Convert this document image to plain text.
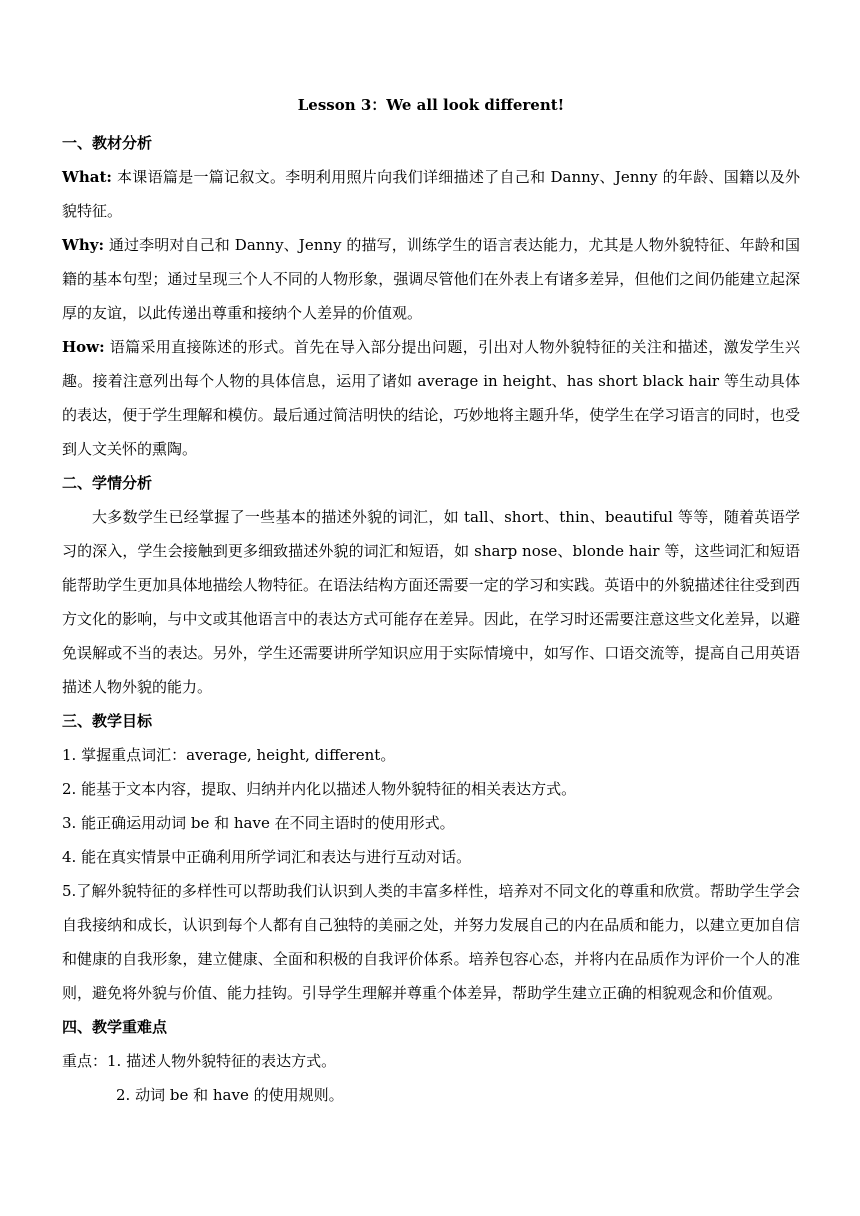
Lesson 3：We all look different!
一、教材分析

What: 本课语篇是一篇记叙文。李明利用照片向我们详细描述了自己和 Danny、Jenny 的年龄、国籍以及外貌特征。

Why: 通过李明对自己和 Danny、Jenny 的描写，训练学生的语言表达能力，尤其是人物外貌特征、年龄和国籍的基本句型；通过呈现三个人不同的人物形象，强调尽管他们在外表上有诸多差异，但他们之间仍能建立起深厚的友谊，以此传递出尊重和接纳个人差异的价值观。

How: 语篇采用直接陈述的形式。首先在导入部分提出问题，引出对人物外貌特征的关注和描述，激发学生兴趣。接着注意列出每个人物的具体信息，运用了诸如 average in height、has short black hair 等生动具体的表达，便于学生理解和模仿。最后通过简洁明快的结论，巧妙地将主题升华，使学生在学习语言的同时，也受到人文关怀的熏陶。

二、学情分析

大多数学生已经掌握了一些基本的描述外貌的词汇，如 tall、short、thin、beautiful 等等，随着英语学习的深入，学生会接触到更多细致描述外貌的词汇和短语，如 sharp nose、blonde hair 等，这些词汇和短语能帮助学生更加具体地描绘人物特征。在语法结构方面还需要一定的学习和实践。英语中的外貌描述往往受到西方文化的影响，与中文或其他语言中的表达方式可能存在差异。因此，在学习时还需要注意这些文化差异，以避免误解或不当的表达。另外，学生还需要讲所学知识应用于实际情境中，如写作、口语交流等，提高自己用英语描述人物外貌的能力。

三、教学目标

1. 掌握重点词汇：average, height, different。

2. 能基于文本内容，提取、归纳并内化以描述人物外貌特征的相关表达方式。

3. 能正确运用动词 be 和 have 在不同主语时的使用形式。

4. 能在真实情景中正确利用所学词汇和表达与进行互动对话。

5.了解外貌特征的多样性可以帮助我们认识到人类的丰富多样性，培养对不同文化的尊重和欣赏。帮助学生学会自我接纳和成长，认识到每个人都有自己独特的美丽之处，并努力发展自己的内在品质和能力，以建立更加自信和健康的自我形象，建立健康、全面和积极的自我评价体系。培养包容心态，并将内在品质作为评价一个人的准则，避免将外貌与价值、能力挂钩。引导学生理解并尊重个体差异，帮助学生建立正确的相貌观念和价值观。

四、教学重难点

重点：1. 描述人物外貌特征的表达方式。

2. 动词 be 和 have 的使用规则。
